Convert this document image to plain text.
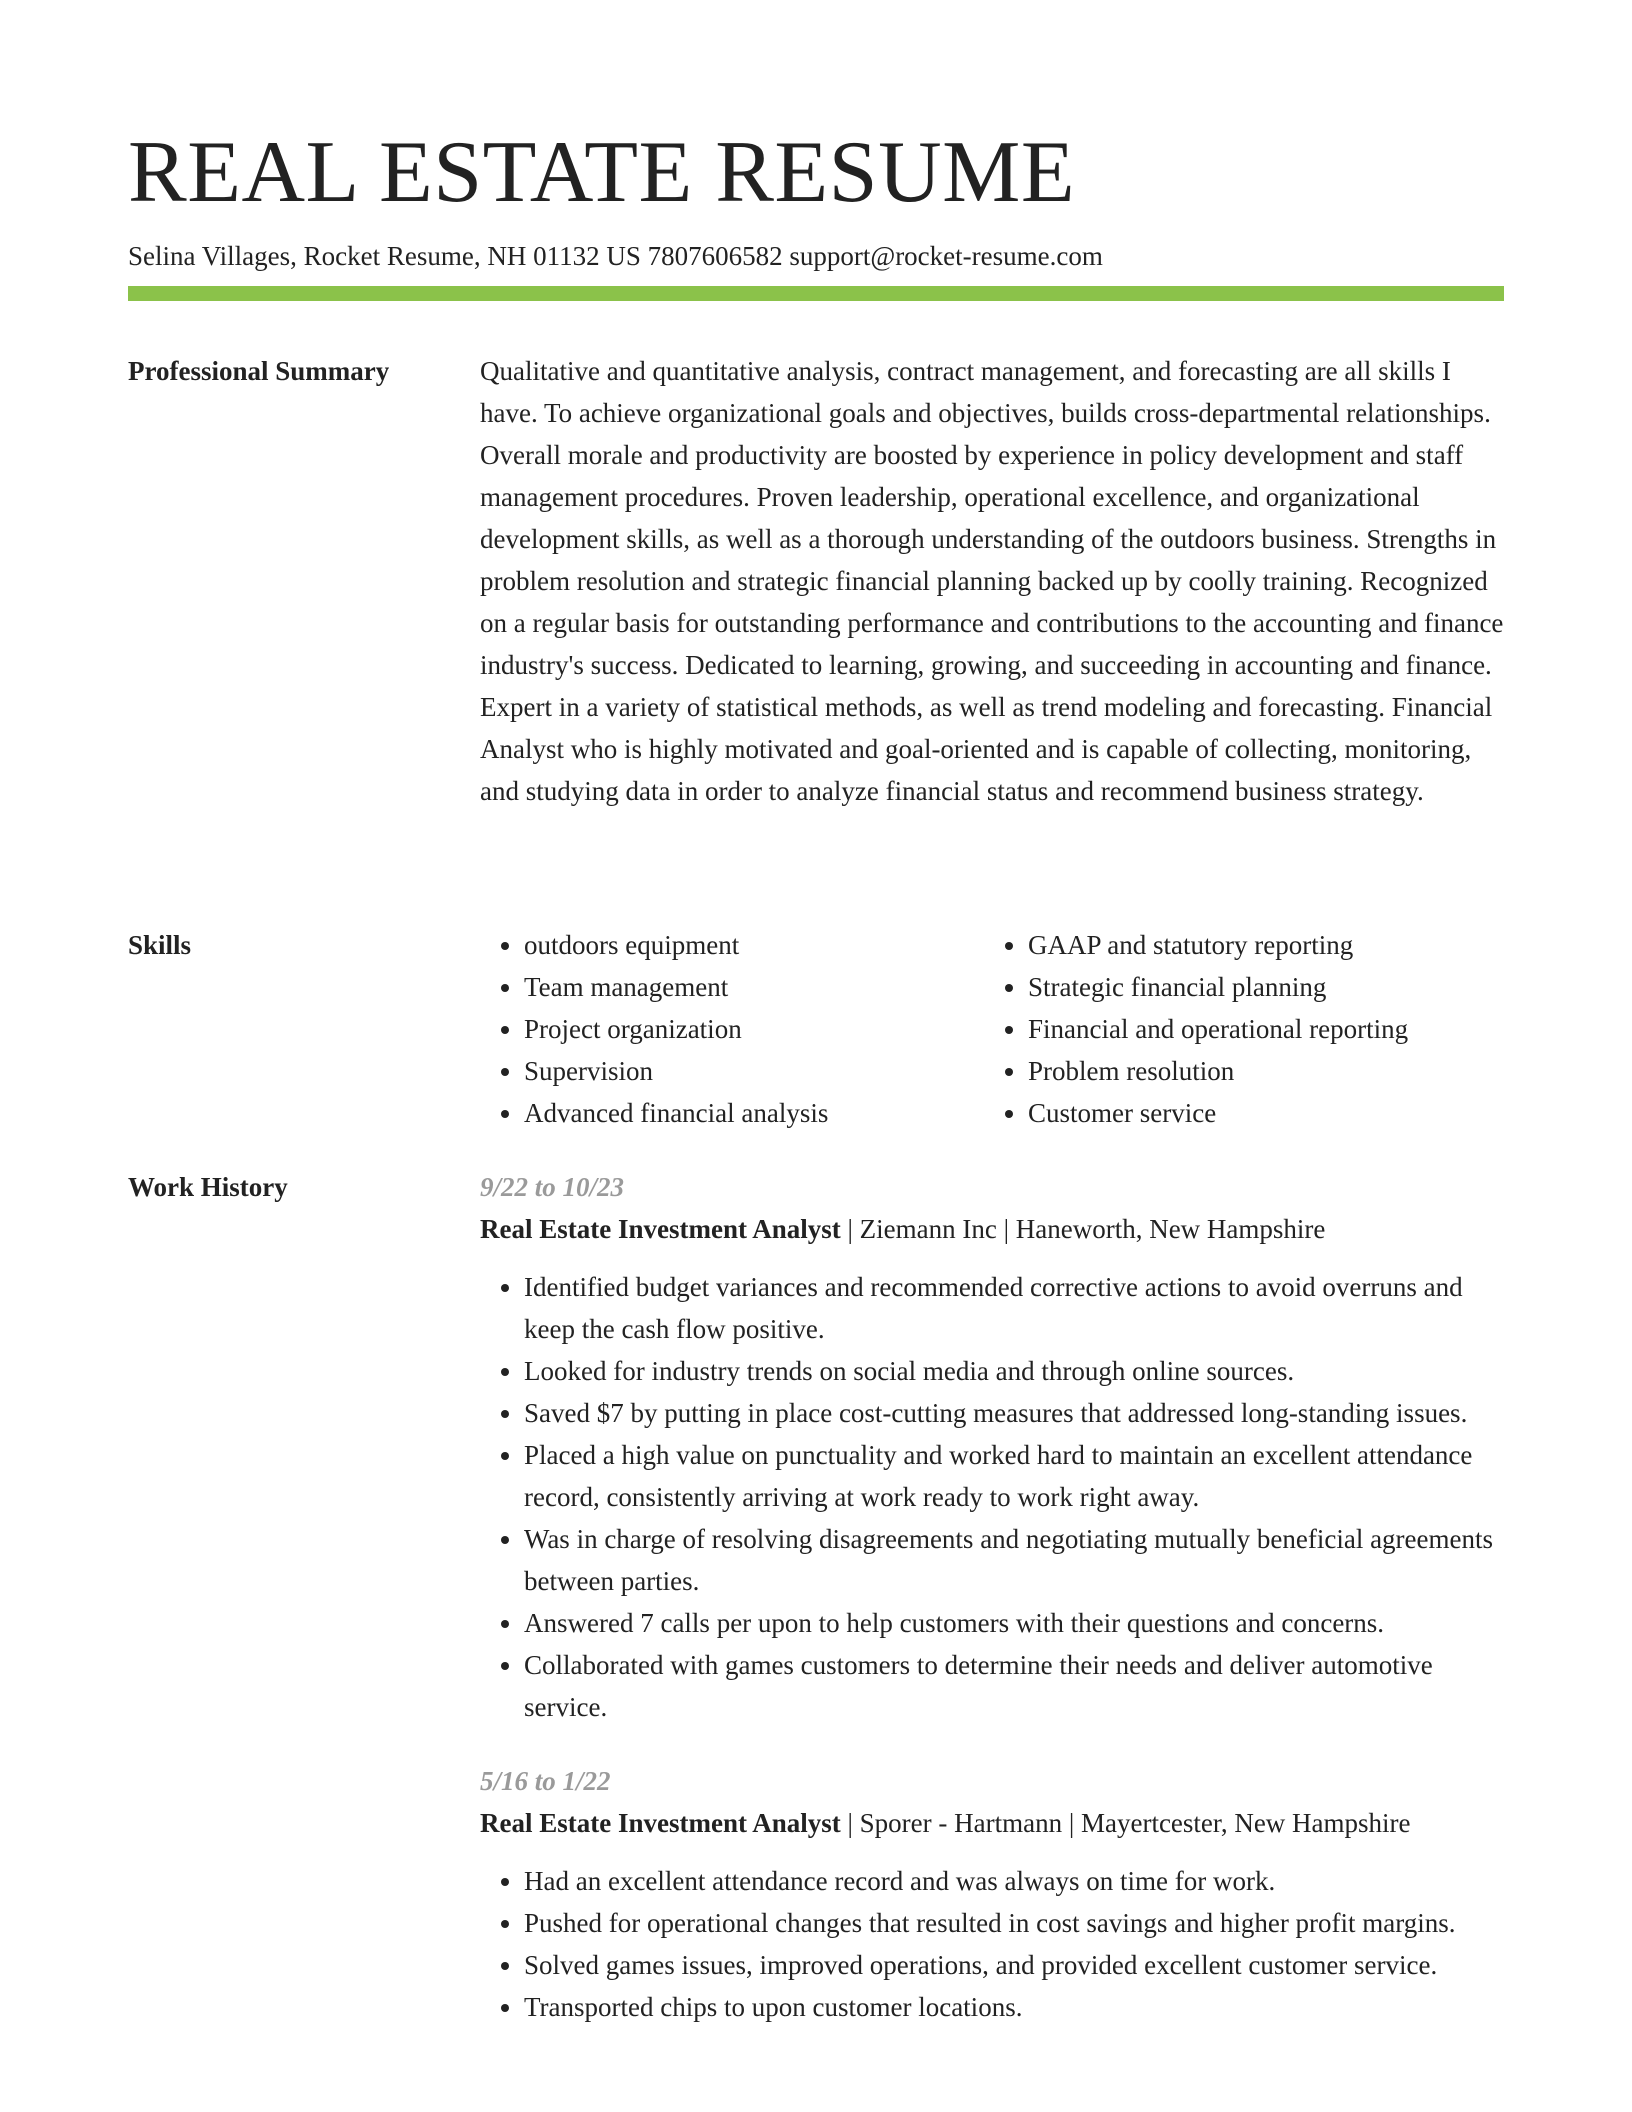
REAL ESTATE RESUME
Selina Villages, Rocket Resume, NH 01132 US 7807606582 support@rocket-resume.com
Professional Summary	Qualitative and quantitative analysis, contract management, and forecasting are all skills I have. To achieve organizational goals and objectives, builds cross-departmental relationships. Overall morale and productivity are boosted by experience in policy development and staff management procedures. Proven leadership, operational excellence, and organizational development skills, as well as a thorough understanding of the outdoors business. Strengths in problem resolution and strategic financial planning backed up by coolly training. Recognized on a regular basis for outstanding performance and contributions to the accounting and finance industry's success. Dedicated to learning, growing, and succeeding in accounting and finance. Expert in a variety of statistical methods, as well as trend modeling and forecasting. Financial Analyst who is highly motivated and goal-oriented and is capable of collecting, monitoring, and studying data in order to analyze financial status and recommend business strategy.

Skills
•	outdoors equipment
• Team management
• Project organization
• Supervision
• Advanced financial analysis
• GAAP and statutory reporting
• Strategic financial planning
• Financial and operational reporting
• Problem resolution
• Customer service
Work History	9/22 to 10/23
Real Estate Investment Analyst | Ziemann Inc | Haneworth, New Hampshire
• Identified budget variances and recommended corrective actions to avoid overruns and keep the cash flow positive.
• Looked for industry trends on social media and through online sources.
• Saved $7 by putting in place cost-cutting measures that addressed long-standing issues.
• Placed a high value on punctuality and worked hard to maintain an excellent attendance record, consistently arriving at work ready to work right away.
• Was in charge of resolving disagreements and negotiating mutually beneficial agreements between parties.
• Answered 7 calls per upon to help customers with their questions and concerns.
• Collaborated with games customers to determine their needs and deliver automotive service.
5/16 to 1/22
Real Estate Investment Analyst | Sporer - Hartmann | Mayertcester, New Hampshire
• Had an excellent attendance record and was always on time for work.
• Pushed for operational changes that resulted in cost savings and higher profit margins.
• Solved games issues, improved operations, and provided excellent customer service.
• Transported chips to upon customer locations.
